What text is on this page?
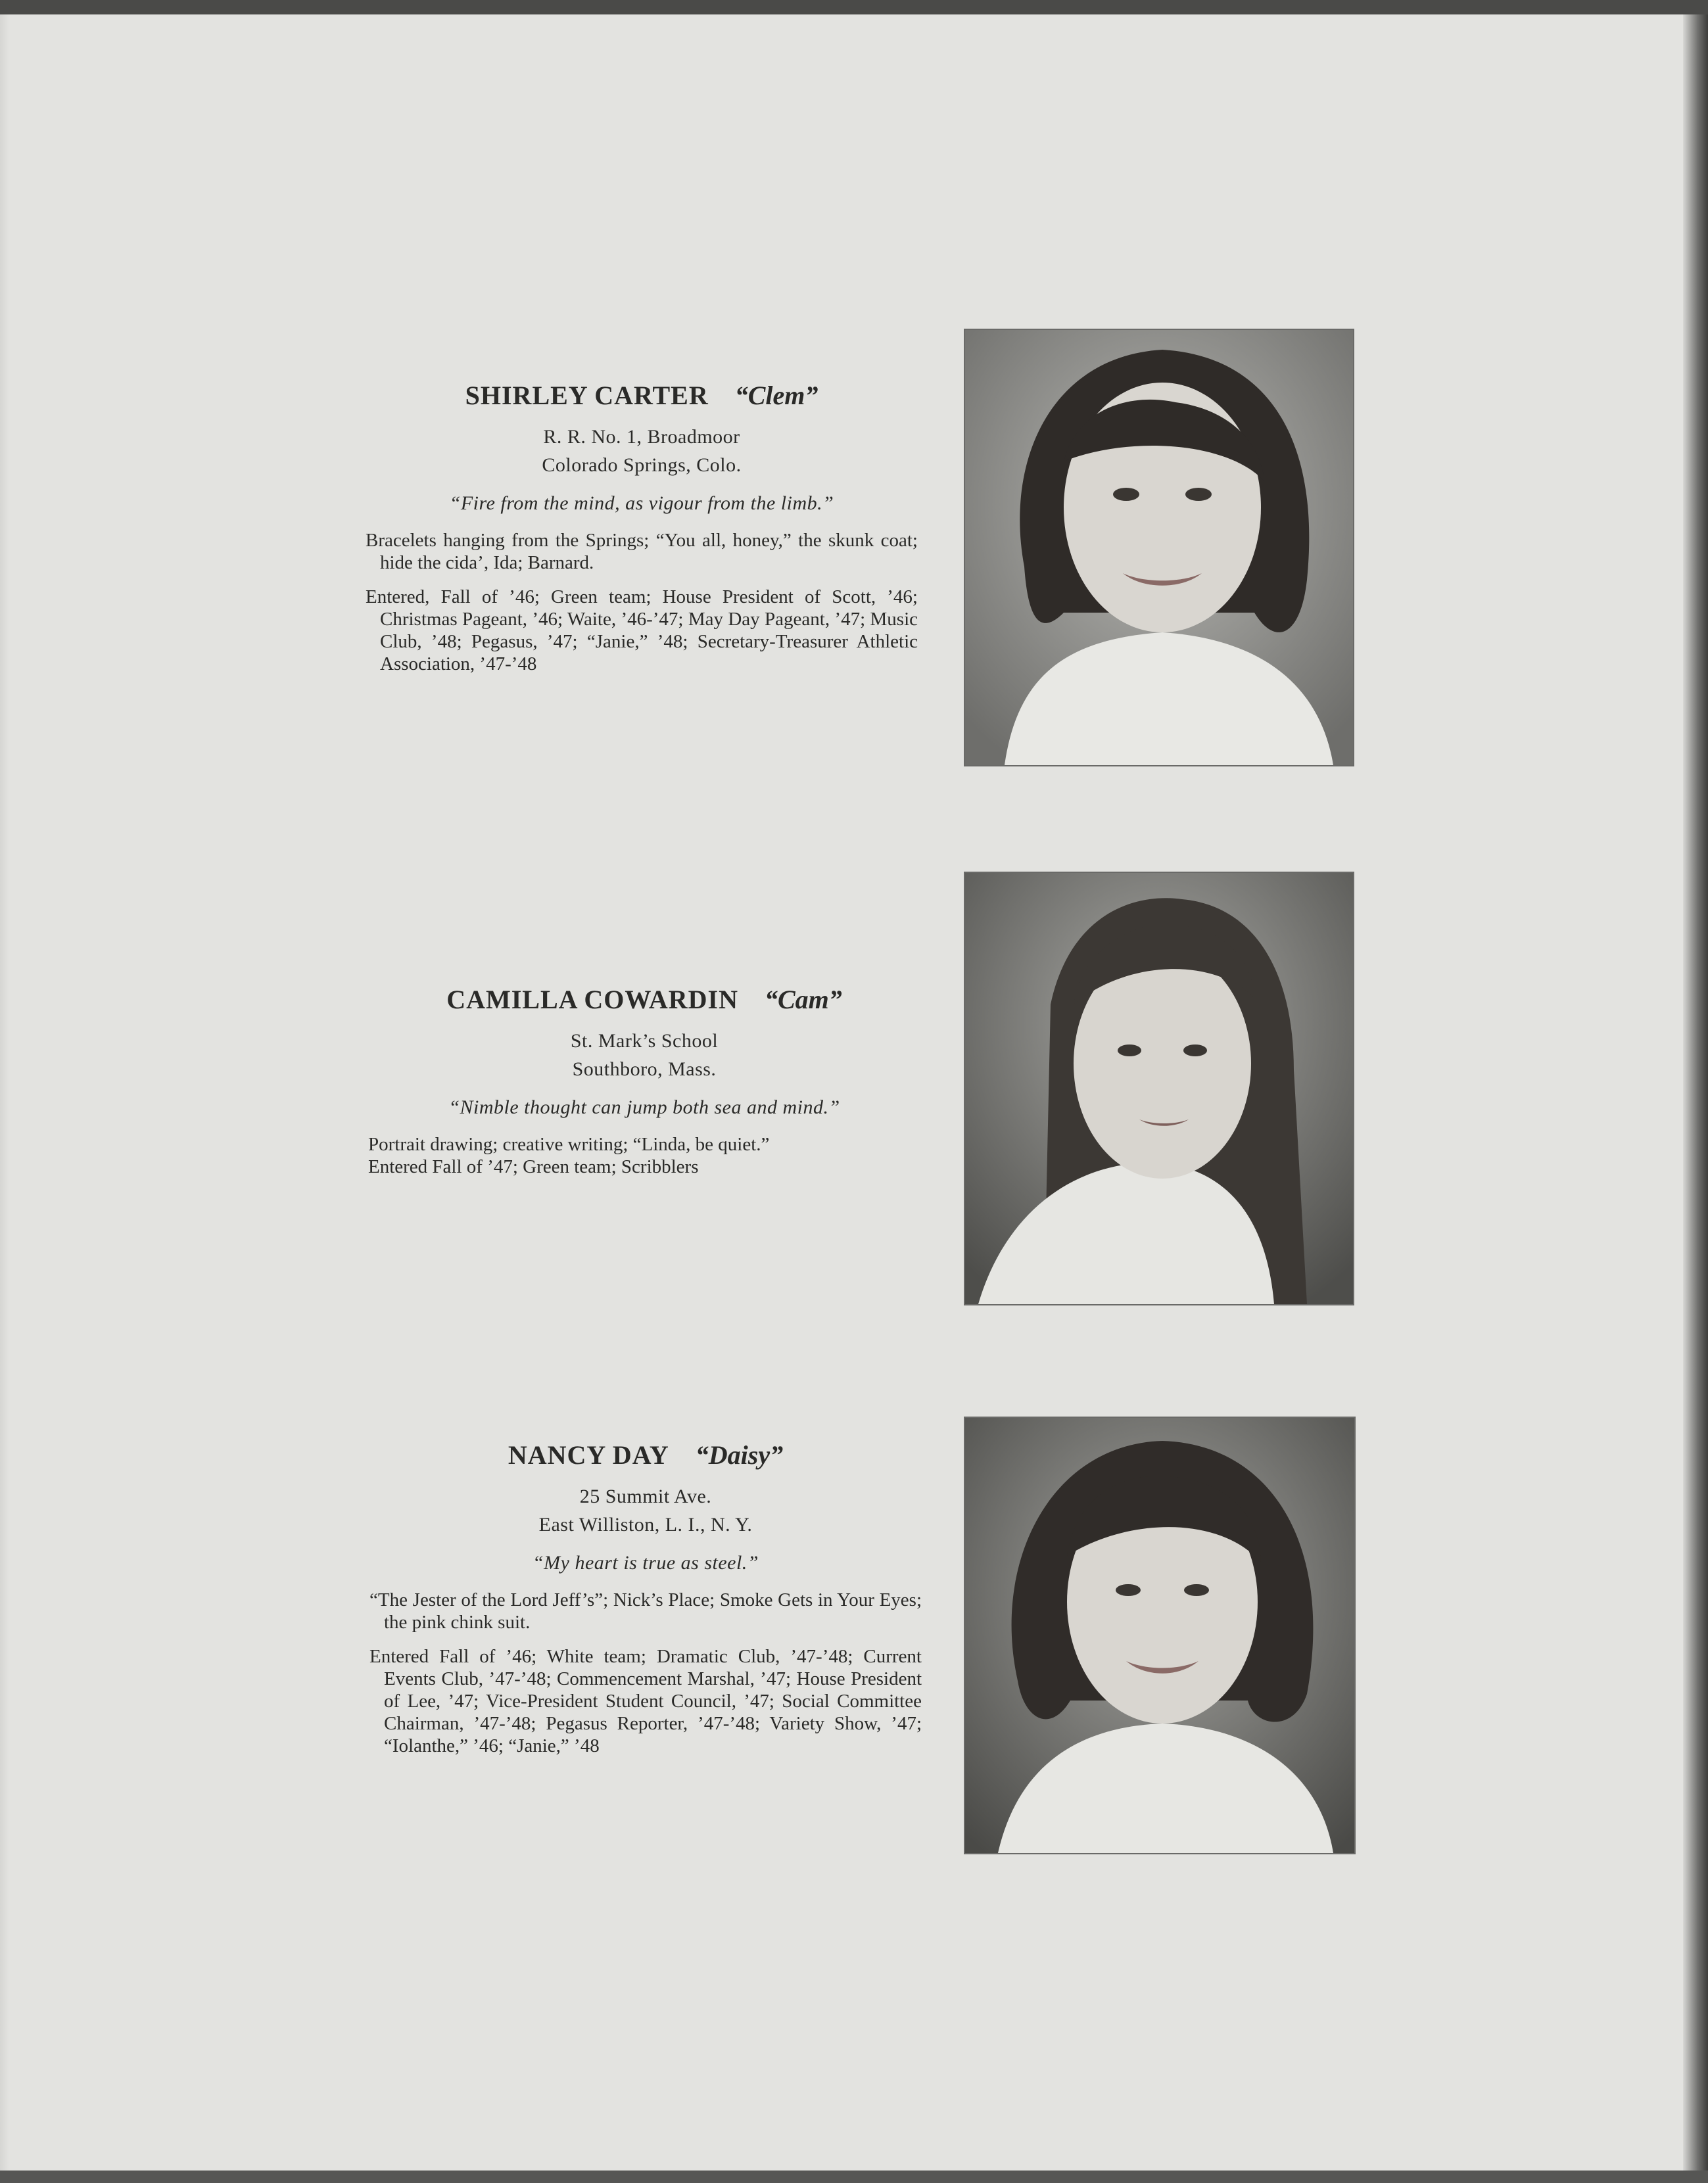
SHIRLEY CARTER “Clem”
R. R. No. 1, Broadmoor
Colorado Springs, Colo.
“Fire from the mind, as vigour from the limb.”
Bracelets hanging from the Springs; “You all, honey,” the skunk coat; hide the cida’, Ida; Barnard.
Entered, Fall of ’46; Green team; House President of Scott, ’46; Christmas Pageant, ’46; Waite, ’46-’47; May Day Pageant, ’47; Music Club, ’48; Pegasus, ’47; “Janie,” ’48; Secretary-Treasurer Athletic Association, ’47-’48
CAMILLA COWARDIN “Cam”
St. Mark’s School
Southboro, Mass.
“Nimble thought can jump both sea and mind.”
Portrait drawing; creative writing; “Linda, be quiet.”
Entered Fall of ’47; Green team; Scribblers
NANCY DAY “Daisy”
25 Summit Ave.
East Williston, L. I., N. Y.
“My heart is true as steel.”
“The Jester of the Lord Jeff’s”; Nick’s Place; Smoke Gets in Your Eyes; the pink chink suit.
Entered Fall of ’46; White team; Dramatic Club, ’47-’48; Current Events Club, ’47-’48; Commencement Marshal, ’47; House President of Lee, ’47; Vice-President Student Council, ’47; Social Committee Chairman, ’47-’48; Pegasus Reporter, ’47-’48; Variety Show, ’47; “Iolanthe,” ’46; “Janie,” ’48
